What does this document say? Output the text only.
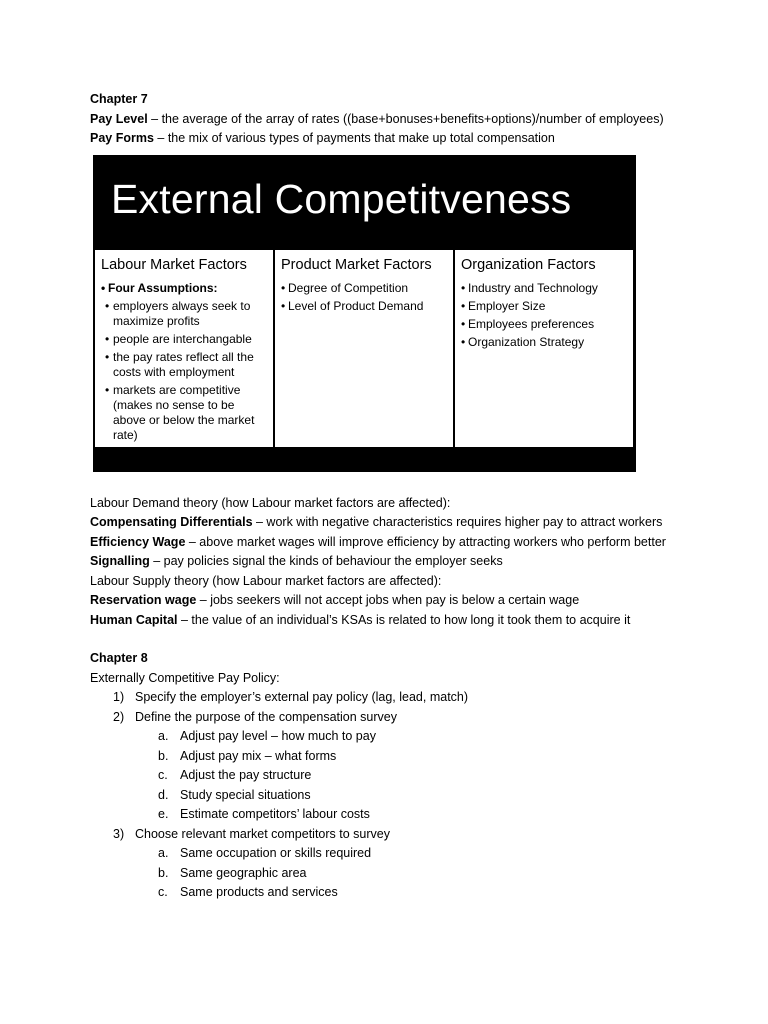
Chapter 7
Pay Level – the average of the array of rates ((base+bonuses+benefits+options)/number of employees)
Pay Forms – the mix of various types of payments that make up total compensation
External Competitveness
Labour Market Factors
• Four Assumptions:
• employers always seek to maximize profits
• people are interchangable
• the pay rates reflect all the costs with employment
• markets are competitive (makes no sense to be above or below the market rate)
Product Market Factors
• Degree of Competition
• Level of Product Demand
Organization Factors
• Industry and Technology
• Employer Size
• Employees preferences
• Organization Strategy
Labour Demand theory (how Labour market factors are affected):
Compensating Differentials – work with negative characteristics requires higher pay to attract workers
Efficiency Wage – above market wages will improve efficiency by attracting workers who perform better
Signalling – pay policies signal the kinds of behaviour the employer seeks
Labour Supply theory (how Labour market factors are affected):
Reservation wage – jobs seekers will not accept jobs when pay is below a certain wage
Human Capital – the value of an individual’s KSAs is related to how long it took them to acquire it
Chapter 8
Externally Competitive Pay Policy:
1) Specify the employer’s external pay policy (lag, lead, match)
2) Define the purpose of the compensation survey
a. Adjust pay level – how much to pay
b. Adjust pay mix – what forms
c. Adjust the pay structure
d. Study special situations
e. Estimate competitors’ labour costs
3) Choose relevant market competitors to survey
a. Same occupation or skills required
b. Same geographic area
c. Same products and services
